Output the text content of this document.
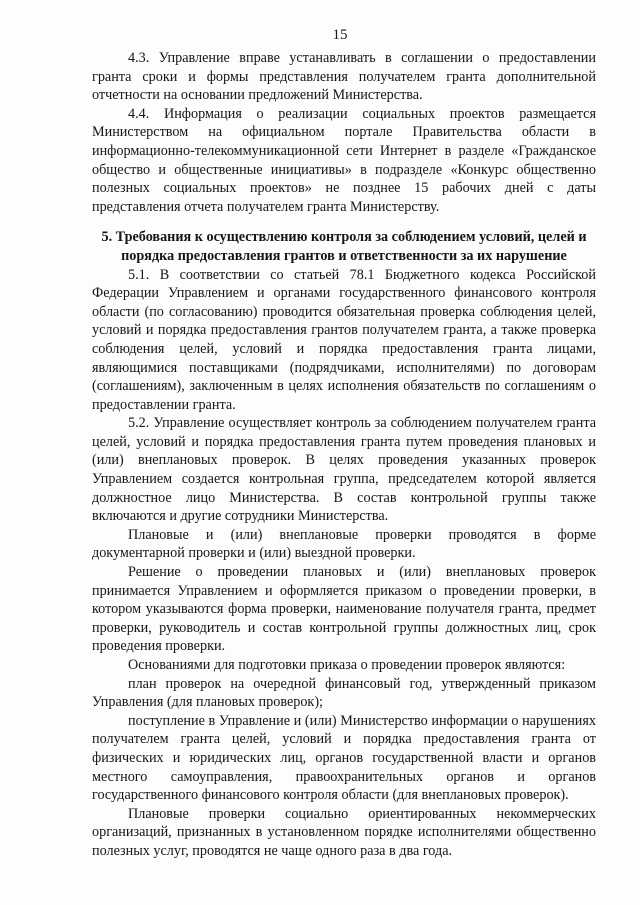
15

4.3. Управление вправе устанавливать в соглашении о предоставлении гранта сроки и формы представления получателем гранта дополнительной отчетности на основании предложений Министерства.

4.4. Информация о реализации социальных проектов размещается Министерством на официальном портале Правительства области в информационно-телекоммуникационной сети Интернет в разделе «Гражданское общество и общественные инициативы» в подразделе «Конкурс общественно полезных социальных проектов» не позднее 15 рабочих дней с даты представления отчета получателем гранта Министерству.

5. Требования к осуществлению контроля за соблюдением условий, целей и порядка предоставления грантов и ответственности за их нарушение

5.1. В соответствии со статьей 78.1 Бюджетного кодекса Российской Федерации Управлением и органами государственного финансового контроля области (по согласованию) проводится обязательная проверка соблюдения целей, условий и порядка предоставления грантов получателем гранта, а также проверка соблюдения целей, условий и порядка предоставления гранта лицами, являющимися поставщиками (подрядчиками, исполнителями) по договорам (соглашениям), заключенным в целях исполнения обязательств по соглашениям о предоставлении гранта.

5.2. Управление осуществляет контроль за соблюдением получателем гранта целей, условий и порядка предоставления гранта путем проведения плановых и (или) внеплановых проверок. В целях проведения указанных проверок Управлением создается контрольная группа, председателем которой является должностное лицо Министерства. В состав контрольной группы также включаются и другие сотрудники Министерства.

Плановые и (или) внеплановые проверки проводятся в форме документарной проверки и (или) выездной проверки.

Решение о проведении плановых и (или) внеплановых проверок принимается Управлением и оформляется приказом о проведении проверки, в котором указываются форма проверки, наименование получателя гранта, предмет проверки, руководитель и состав контрольной группы должностных лиц, срок проведения проверки.

Основаниями для подготовки приказа о проведении проверок являются:

план проверок на очередной финансовый год, утвержденный приказом Управления (для плановых проверок);

поступление в Управление и (или) Министерство информации о нарушениях получателем гранта целей, условий и порядка предоставления гранта от физических и юридических лиц, органов государственной власти и органов местного самоуправления, правоохранительных органов и органов государственного финансового контроля области (для внеплановых проверок).

Плановые проверки социально ориентированных некоммерческих организаций, признанных в установленном порядке исполнителями общественно полезных услуг, проводятся не чаще одного раза в два года.
